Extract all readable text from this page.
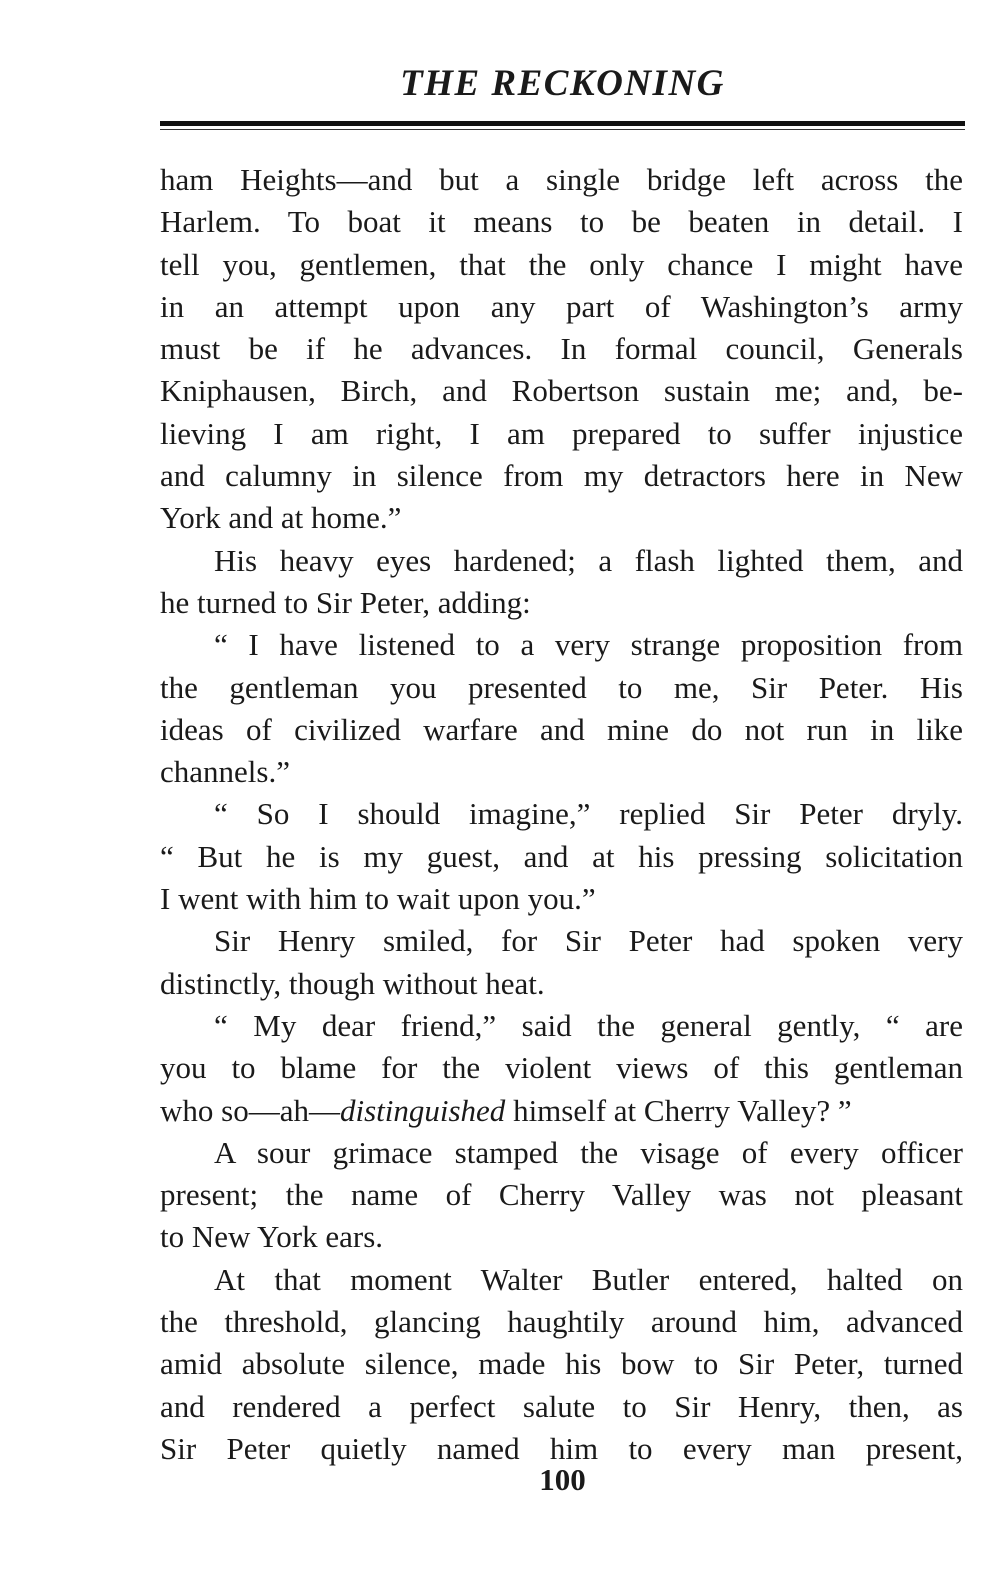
THE RECKONING
ham Heights—and but a single bridge left across the
Harlem. To boat it means to be beaten in detail. I
tell you, gentlemen, that the only chance I might have
in an attempt upon any part of Washington’s army
must be if he advances. In formal council, Generals
Kniphausen, Birch, and Robertson sustain me; and, be-
lieving I am right, I am prepared to suffer injustice
and calumny in silence from my detractors here in New
York and at home.”
His heavy eyes hardened; a flash lighted them, and
he turned to Sir Peter, adding:
“ I have listened to a very strange proposition from
the gentleman you presented to me, Sir Peter. His
ideas of civilized warfare and mine do not run in like
channels.”
“ So I should imagine,” replied Sir Peter dryly.
“ But he is my guest, and at his pressing solicitation
I went with him to wait upon you.”
Sir Henry smiled, for Sir Peter had spoken very
distinctly, though without heat.
“ My dear friend,” said the general gently, “ are
you to blame for the violent views of this gentleman
who so—ah—distinguished himself at Cherry Valley? ”
A sour grimace stamped the visage of every officer
present; the name of Cherry Valley was not pleasant
to New York ears.
At that moment Walter Butler entered, halted on
the threshold, glancing haughtily around him, advanced
amid absolute silence, made his bow to Sir Peter, turned
and rendered a perfect salute to Sir Henry, then, as
Sir Peter quietly named him to every man present,
100
